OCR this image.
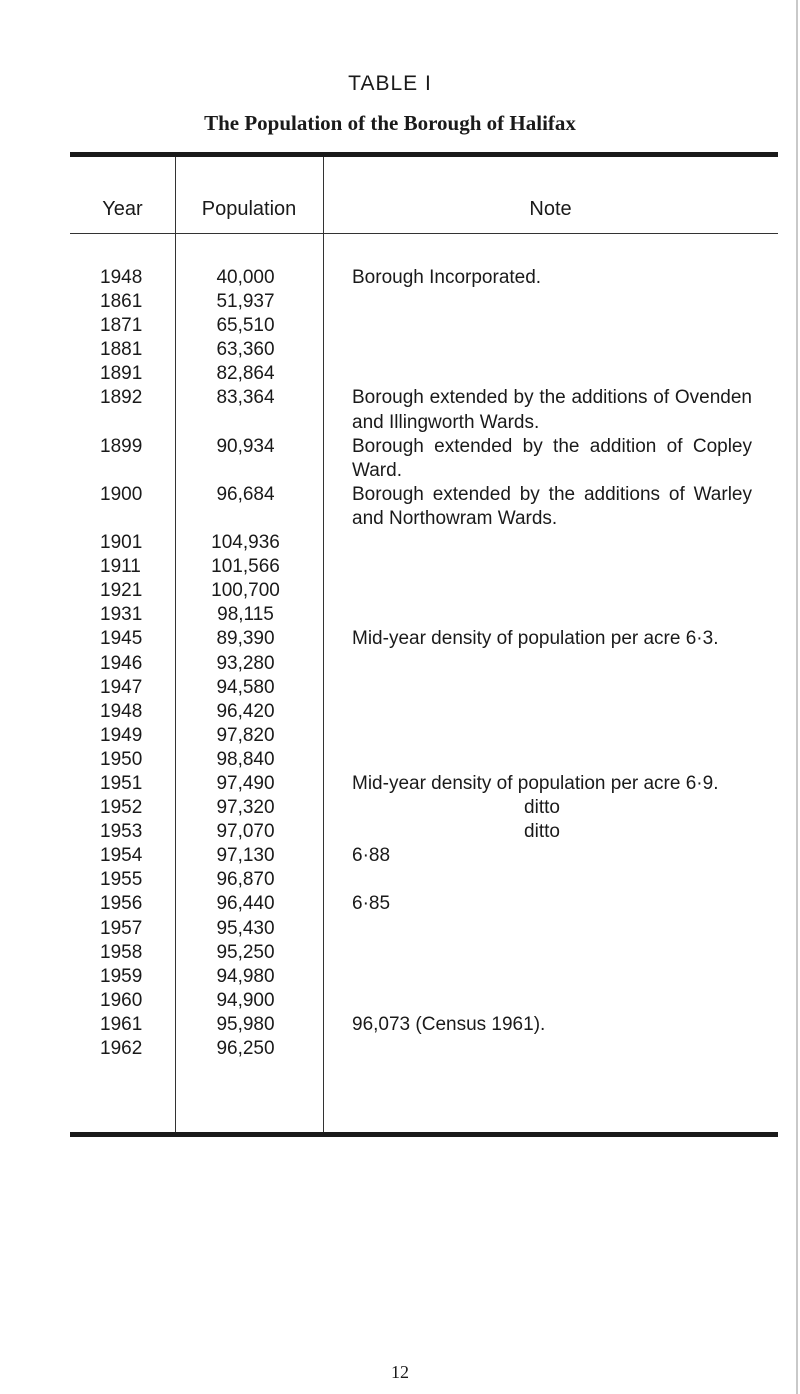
TABLE I
The Population of the Borough of Halifax
Year	Population	Note
1948	40,000	Borough Incorporated.
1861	51,937
1871	65,510
1881	63,360
1891	82,864
1892	83,364	Borough extended by the additions of Ovenden and Illingworth Wards.
1899	90,934	Borough extended by the addition of Copley Ward.
1900	96,684	Borough extended by the additions of Warley and Northowram Wards.
1901	104,936
1911	101,566
1921	100,700
1931	98,115
1945	89,390	Mid-year density of population per acre 6·3.
1946	93,280
1947	94,580
1948	96,420
1949	97,820
1950	98,840
1951	97,490	Mid-year density of population per acre 6·9.
1952	97,320	ditto
1953	97,070	ditto
1954	97,130	6·88
1955	96,870
1956	96,440	6·85
1957	95,430
1958	95,250
1959	94,980
1960	94,900
1961	95,980	96,073 (Census 1961).
1962	96,250
12
